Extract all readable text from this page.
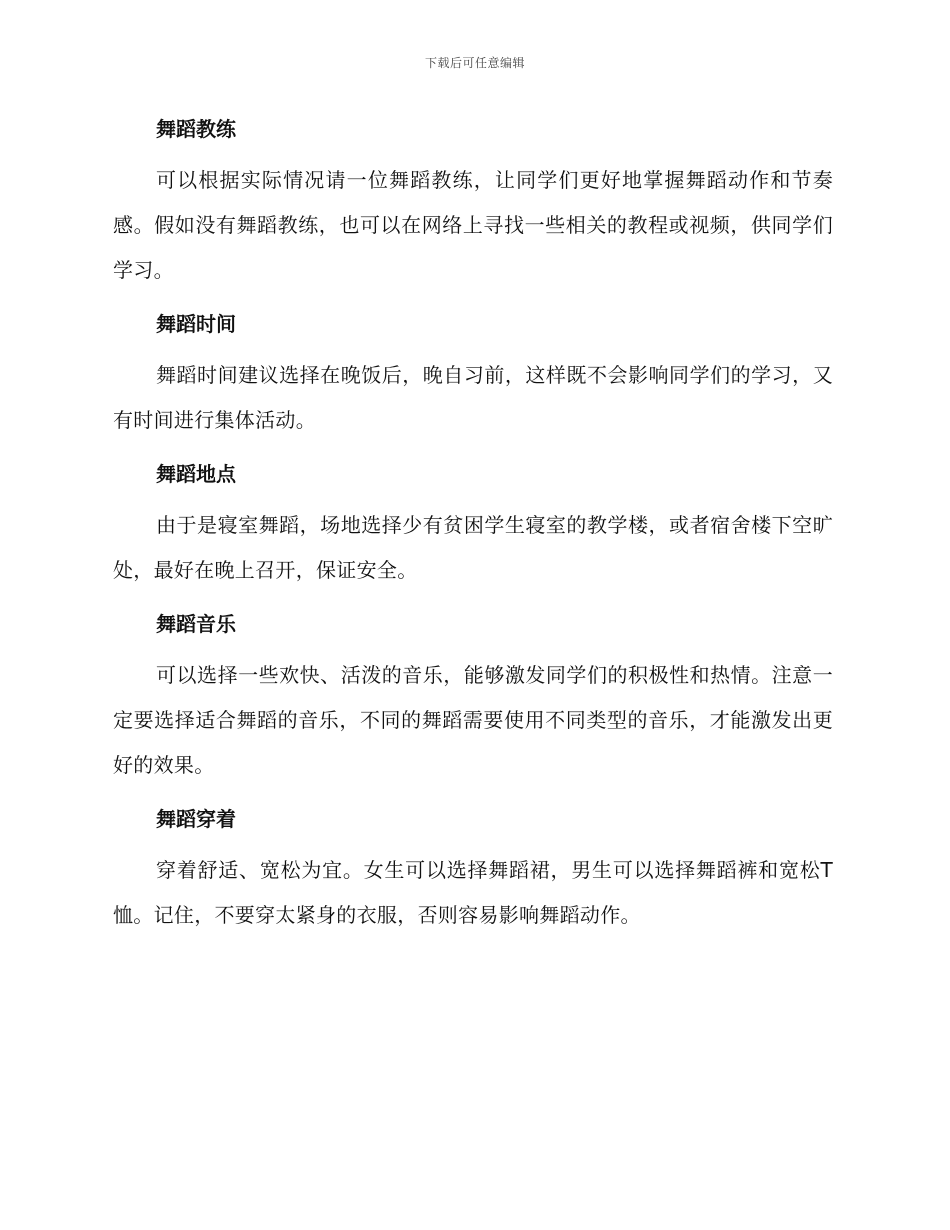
下载后可任意编辑
舞蹈教练
可以根据实际情况请一位舞蹈教练，让同学们更好地掌握舞蹈动作和节奏感。假如没有舞蹈教练，也可以在网络上寻找一些相关的教程或视频，供同学们学习。
舞蹈时间
舞蹈时间建议选择在晚饭后，晚自习前，这样既不会影响同学们的学习，又有时间进行集体活动。
舞蹈地点
由于是寝室舞蹈，场地选择少有贫困学生寝室的教学楼，或者宿舍楼下空旷处，最好在晚上召开，保证安全。
舞蹈音乐
可以选择一些欢快、活泼的音乐，能够激发同学们的积极性和热情。注意一定要选择适合舞蹈的音乐，不同的舞蹈需要使用不同类型的音乐，才能激发出更好的效果。
舞蹈穿着
穿着舒适、宽松为宜。女生可以选择舞蹈裙，男生可以选择舞蹈裤和宽松T恤。记住，不要穿太紧身的衣服，否则容易影响舞蹈动作。
